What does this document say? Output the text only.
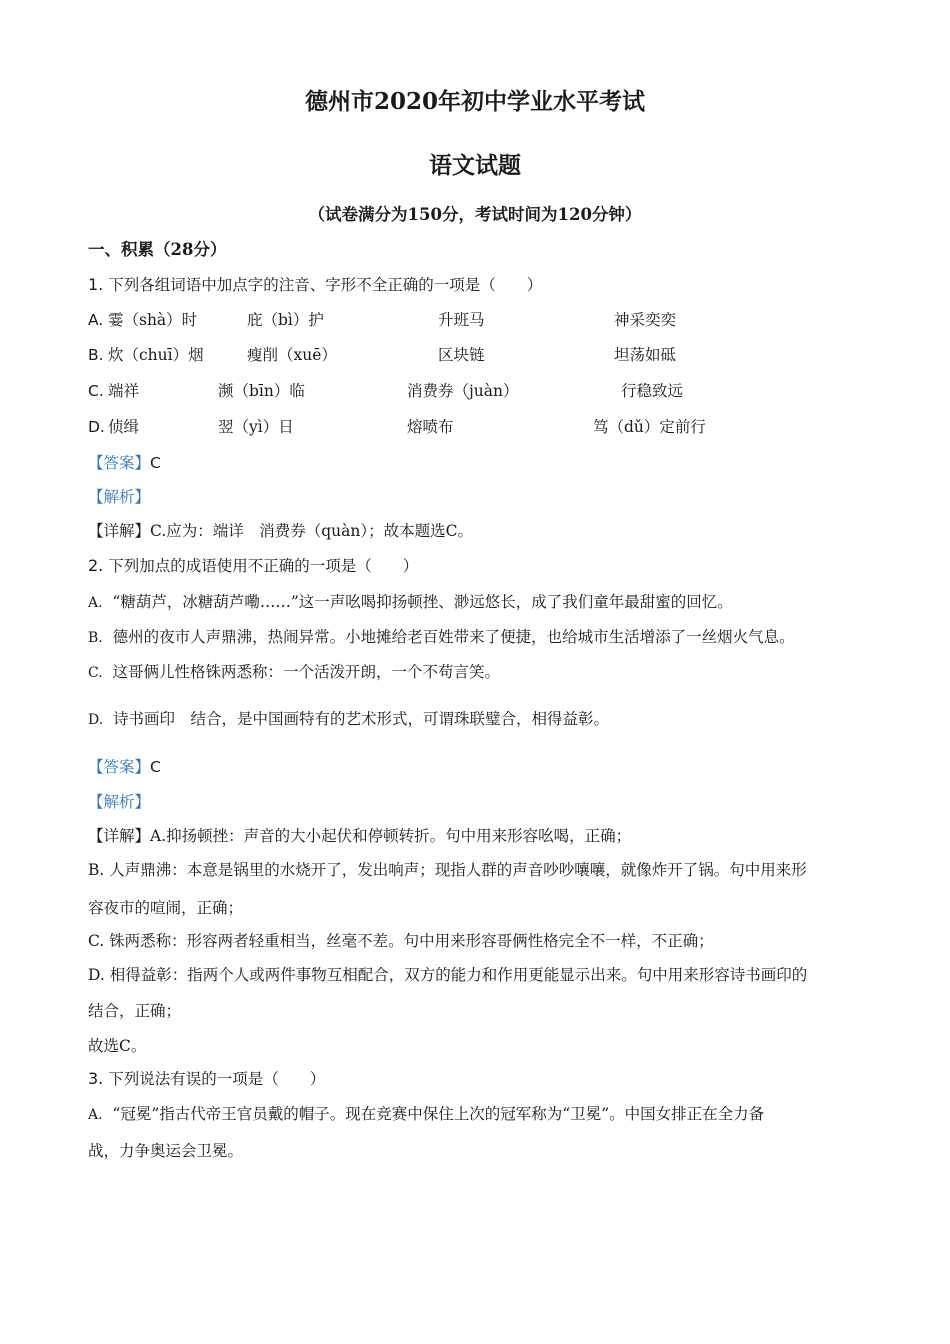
德州市2020年初中学业水平考试
语文试题
（试卷满分为150分，考试时间为120分钟）
一、积累（28分）
1. 下列各组词语中加点字的注音、字形不全正确的一项是（　　）
A. 霎（shà）时	庇（bì）护	升班马	神采奕奕
B. 炊（chuī）烟	瘦削（xuē）	区块链	坦荡如砥
C. 端祥	濒（bīn）临	消费券（juàn）	行稳致远
D. 侦缉	翌（yì）日	熔喷布	笃（dǔ）定前行
【答案】C
【解析】
【详解】C.应为：端详　消费券（quàn）；故本题选C。
2. 下列加点的成语使用不正确的一项是（　　）
A. “糖葫芦，冰糖葫芦嘞……”这一声吆喝抑扬顿挫、渺远悠长，成了我们童年最甜蜜的回忆。
B. 德州的夜市人声鼎沸，热闹异常。小地摊给老百姓带来了便捷，也给城市生活增添了一丝烟火气息。
C. 这哥俩儿性格铢两悉称：一个活泼开朗，一个不苟言笑。
D. 诗书画印　结合，是中国画特有的艺术形式，可谓珠联璧合，相得益彰。
【答案】C
【解析】
【详解】A.抑扬顿挫：声音的大小起伏和停顿转折。句中用来形容吆喝，正确；
B. 人声鼎沸：本意是锅里的水烧开了，发出响声；现指人群的声音吵吵嚷嚷，就像炸开了锅。句中用来形
容夜市的喧闹，正确；
C. 铢两悉称：形容两者轻重相当，丝毫不差。句中用来形容哥俩性格完全不一样，不正确；
D. 相得益彰：指两个人或两件事物互相配合，双方的能力和作用更能显示出来。句中用来形容诗书画印的
结合，正确；
故选C。
3. 下列说法有误的一项是（　　）
A. “冠冕”指古代帝王官员戴的帽子。现在竞赛中保住上次的冠军称为“卫冕”。中国女排正在全力备
战，力争奥运会卫冕。
